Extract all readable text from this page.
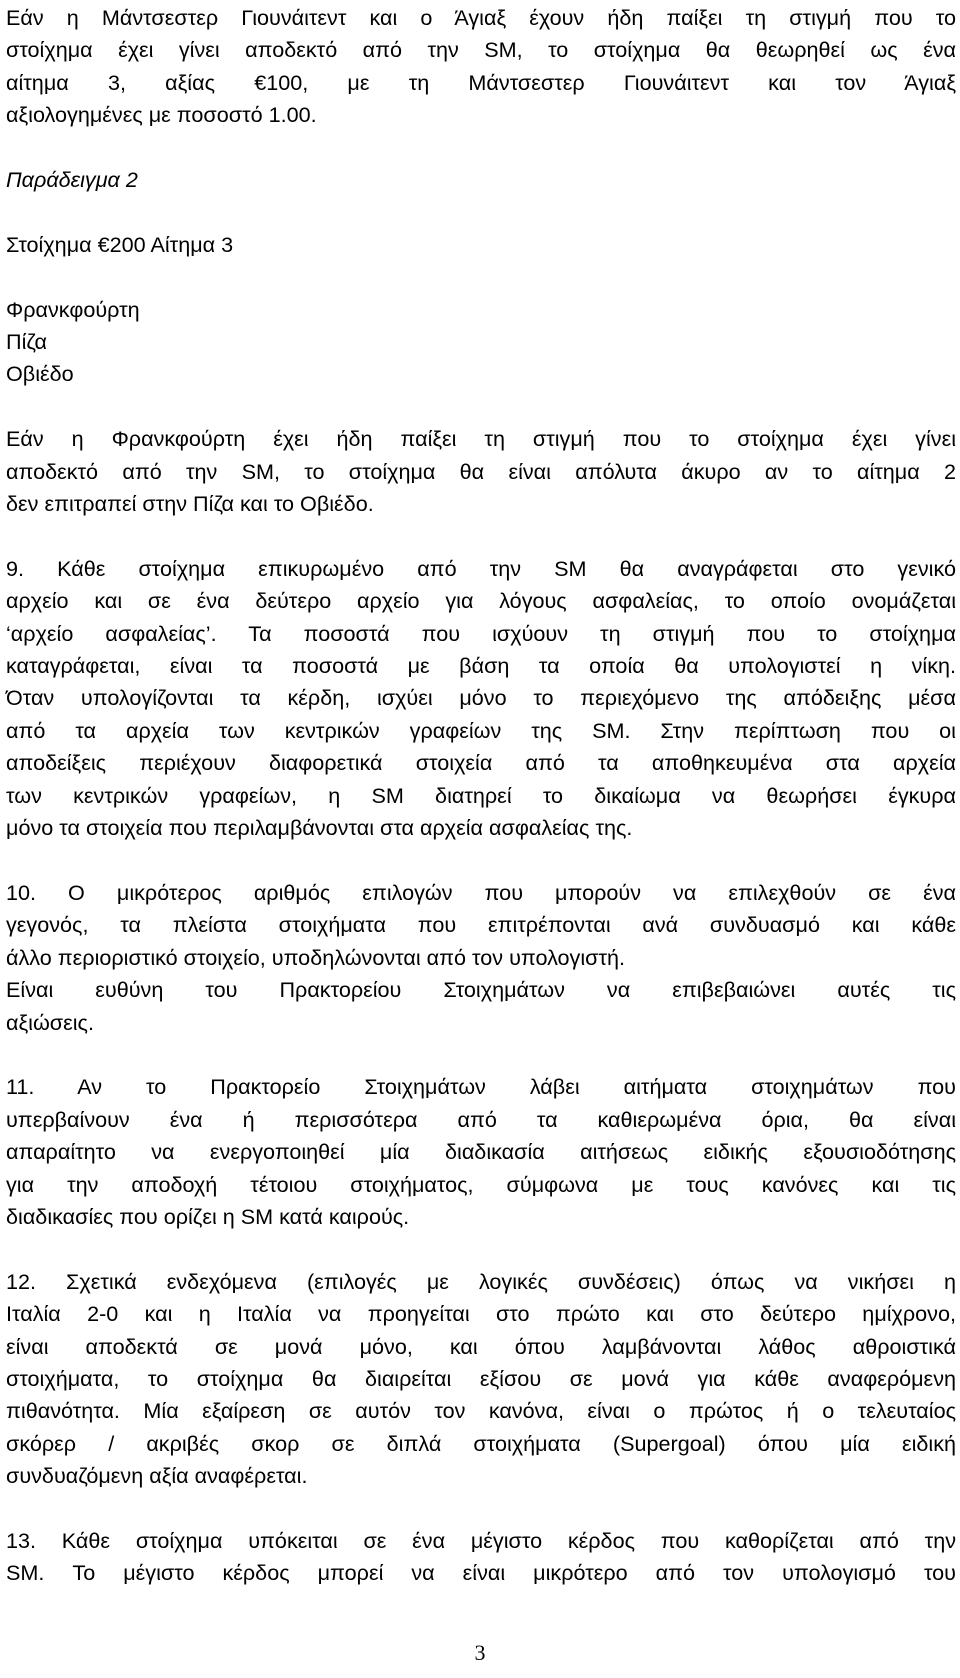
Εάν η Μάντσεστερ Γιουνάιτεντ και ο Άγιαξ έχουν ήδη παίξει τη στιγμή που το
στοίχημα έχει γίνει αποδεκτό από την SM, το στοίχημα θα θεωρηθεί ως ένα
αίτημα 3, αξίας €100, με τη Μάντσεστερ Γιουνάιτεντ και τον Άγιαξ
αξιολογημένες με ποσοστό 1.00.
Παράδειγμα 2
Στοίχημα €200 Αίτημα 3
Φρανκφούρτη
Πίζα
Οβιέδο
Εάν η Φρανκφούρτη έχει ήδη παίξει τη στιγμή που το στοίχημα έχει γίνει
αποδεκτό από την SM, το στοίχημα θα είναι απόλυτα άκυρο αν το αίτημα 2
δεν επιτραπεί στην Πίζα και το Οβιέδο.
9. Κάθε στοίχημα επικυρωμένο από την SM θα αναγράφεται στο γενικό
αρχείο και σε ένα δεύτερο αρχείο για λόγους ασφαλείας, το οποίο ονομάζεται
‘αρχείο ασφαλείας’. Τα ποσοστά που ισχύουν τη στιγμή που το στοίχημα
καταγράφεται, είναι τα ποσοστά με βάση τα οποία θα υπολογιστεί η νίκη.
Όταν υπολογίζονται τα κέρδη, ισχύει μόνο το περιεχόμενο της απόδειξης μέσα
από τα αρχεία των κεντρικών γραφείων της SM. Στην περίπτωση που οι
αποδείξεις περιέχουν διαφορετικά στοιχεία από τα αποθηκευμένα στα αρχεία
των κεντρικών γραφείων, η SM διατηρεί το δικαίωμα να θεωρήσει έγκυρα
μόνο τα στοιχεία που περιλαμβάνονται στα αρχεία ασφαλείας της.
10. Ο μικρότερος αριθμός επιλογών που μπορούν να επιλεχθούν σε ένα
γεγονός, τα πλείστα στοιχήματα που επιτρέπονται ανά συνδυασμό και κάθε
άλλο περιοριστικό στοιχείο, υποδηλώνονται από τον υπολογιστή.
Είναι ευθύνη του Πρακτορείου Στοιχημάτων να επιβεβαιώνει αυτές τις
αξιώσεις.
11. Αν το Πρακτορείο Στοιχημάτων λάβει αιτήματα στοιχημάτων που
υπερβαίνουν ένα ή περισσότερα από τα καθιερωμένα όρια, θα είναι
απαραίτητο να ενεργοποιηθεί μία διαδικασία αιτήσεως ειδικής εξουσιοδότησης
για την αποδοχή τέτοιου στοιχήματος, σύμφωνα με τους κανόνες και τις
διαδικασίες που ορίζει η SM κατά καιρούς.
12. Σχετικά ενδεχόμενα (επιλογές με λογικές συνδέσεις) όπως να νικήσει η
Ιταλία 2-0 και η Ιταλία να προηγείται στο πρώτο και στο δεύτερο ημίχρονο,
είναι αποδεκτά σε μονά μόνο, και όπου λαμβάνονται λάθος αθροιστικά
στοιχήματα, το στοίχημα θα διαιρείται εξίσου σε μονά για κάθε αναφερόμενη
πιθανότητα. Μία εξαίρεση σε αυτόν τον κανόνα, είναι ο πρώτος ή ο τελευταίος
σκόρερ / ακριβές σκορ σε διπλά στοιχήματα (Supergoal) όπου μία ειδική
συνδυαζόμενη αξία αναφέρεται.
13. Κάθε στοίχημα υπόκειται σε ένα μέγιστο κέρδος που καθορίζεται από την
SM. Το μέγιστο κέρδος μπορεί να είναι μικρότερο από τον υπολογισμό του
3
